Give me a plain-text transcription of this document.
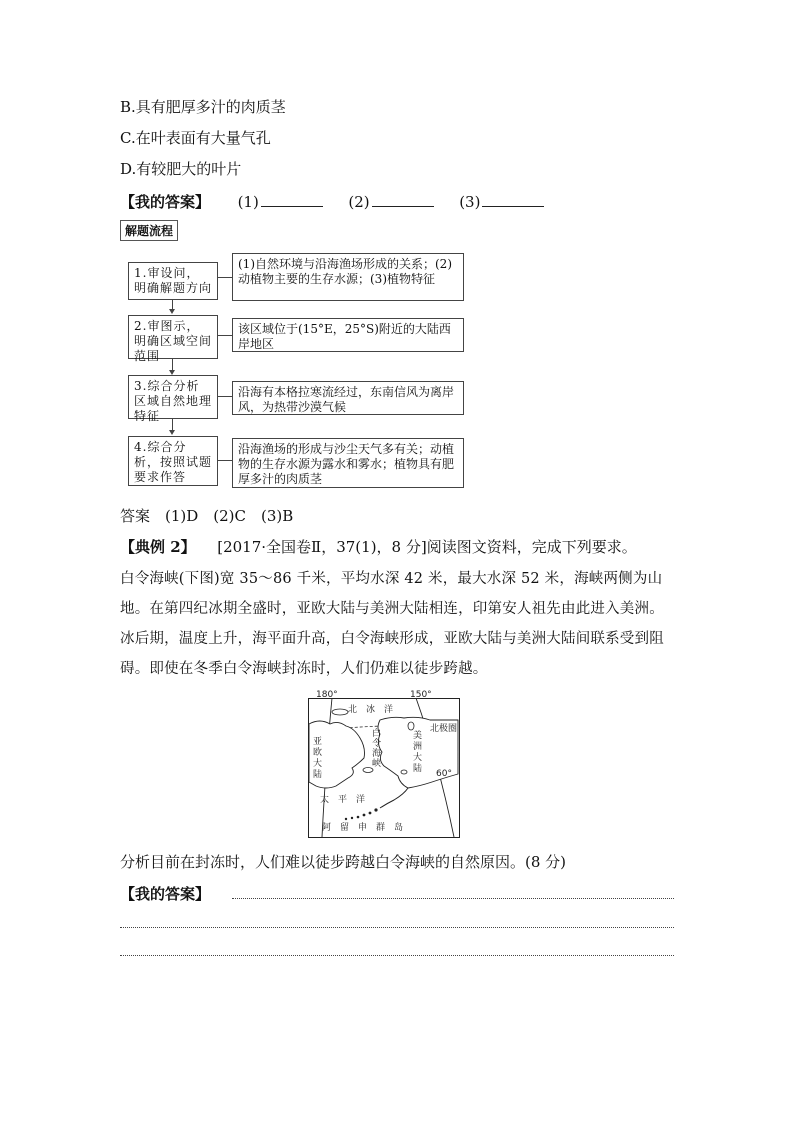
B.具有肥厚多汁的肉质茎
C.在叶表面有大量气孔
D.有较肥大的叶片
【我的答案】 (1)	(2)	(3)
解题流程
1.审设问，明确解题方向
(1)自然环境与沿海渔场形成的关系；(2)动植物主要的生存水源；(3)植物特征
2.审图示，明确区域空间范围
该区域位于(15°E，25°S)附近的大陆西岸地区
3.综合分析区域自然地理特征
沿海有本格拉寒流经过，东南信风为离岸风，为热带沙漠气候
4.综合分析，按照试题要求作答
沿海渔场的形成与沙尘天气多有关；动植物的生存水源为露水和雾水；植物具有肥厚多汁的肉质茎
答案　(1)D　(2)C　(3)B
【典例 2】 [2017·全国卷Ⅱ，37(1)，8 分]阅读图文资料，完成下列要求。
白令海峡(下图)宽 35～86 千米，平均水深 42 米，最大水深 52 米，海峡两侧为山地。在第四纪冰期全盛时，亚欧大陆与美洲大陆相连，印第安人祖先由此进入美洲。冰后期，温度上升，海平面升高，白令海峡形成，亚欧大陆与美洲大陆间联系受到阻碍。即使在冬季白令海峡封冻时，人们仍难以徒步跨越。
180°	150°
北　冰　洋
亚
欧
大
陆
美
洲
大
陆
白
令
海
峡
北极圈
60°
太　平　洋
阿　留　申　群　岛
分析目前在封冻时，人们难以徒步跨越白令海峡的自然原因。(8 分)
【我的答案】
